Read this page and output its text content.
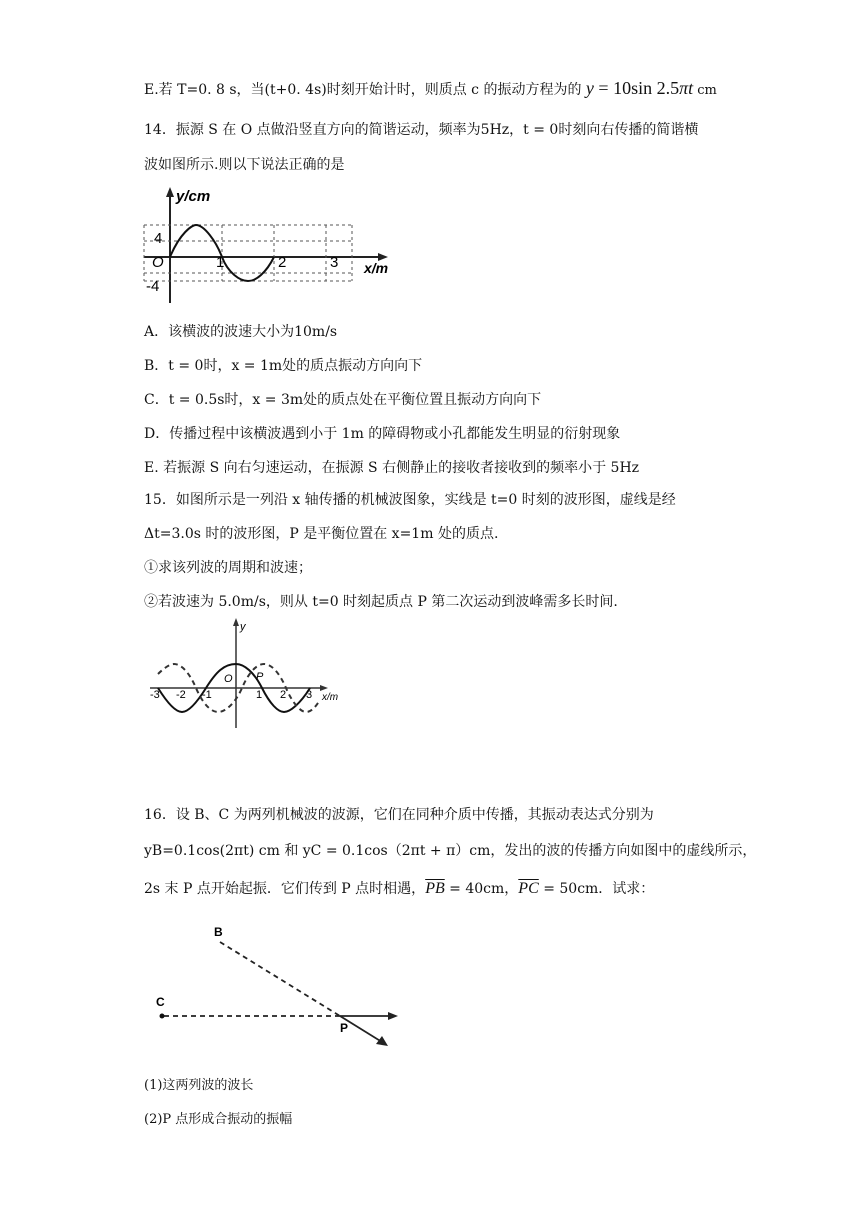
E.若 T=0. 8 s，当(t+0. 4s)时刻开始计时，则质点 c 的振动方程为的 y = 10sin 2.5πt cm
14．振源 S 在 O 点做沿竖直方向的简谐运动，频率为5Hz，t = 0时刻向右传播的简谐横
波如图所示.则以下说法正确的是
y/cm
4
-4
O	1	2	3 x/m
A．该横波的波速大小为10m/s
B．t = 0时，x = 1m处的质点振动方向向下
C．t = 0.5s时，x = 3m处的质点处在平衡位置且振动方向向下
D．传播过程中该横波遇到小于 1m 的障碍物或小孔都能发生明显的衍射现象
E. 若振源 S 向右匀速运动，在振源 S 右侧静止的接收者接收到的频率小于 5Hz
15．如图所示是一列沿 x 轴传播的机械波图象，实线是 t=0 时刻的波形图，虚线是经
Δt=3.0s 时的波形图，P 是平衡位置在 x=1m 处的质点.
①求该列波的周期和波速；
②若波速为 5.0m/s，则从 t=0 时刻起质点 P 第二次运动到波峰需多长时间.
y
x/m
-3 -2 -1
O
1 2 3
P
16．设 B、C 为两列机械波的波源，它们在同种介质中传播，其振动表达式分别为
yB=0.1cos(2πt) cm 和 yC = 0.1cos（2πt + π）cm，发出的波的传播方向如图中的虚线所示，
2s 末 P 点开始起振．它们传到 P 点时相遇，$\overline{PB} = 40cm$，$\overline{PC} = 50cm$．试求：
B
C
P
(1)这两列波的波长
(2)P 点形成合振动的振幅
